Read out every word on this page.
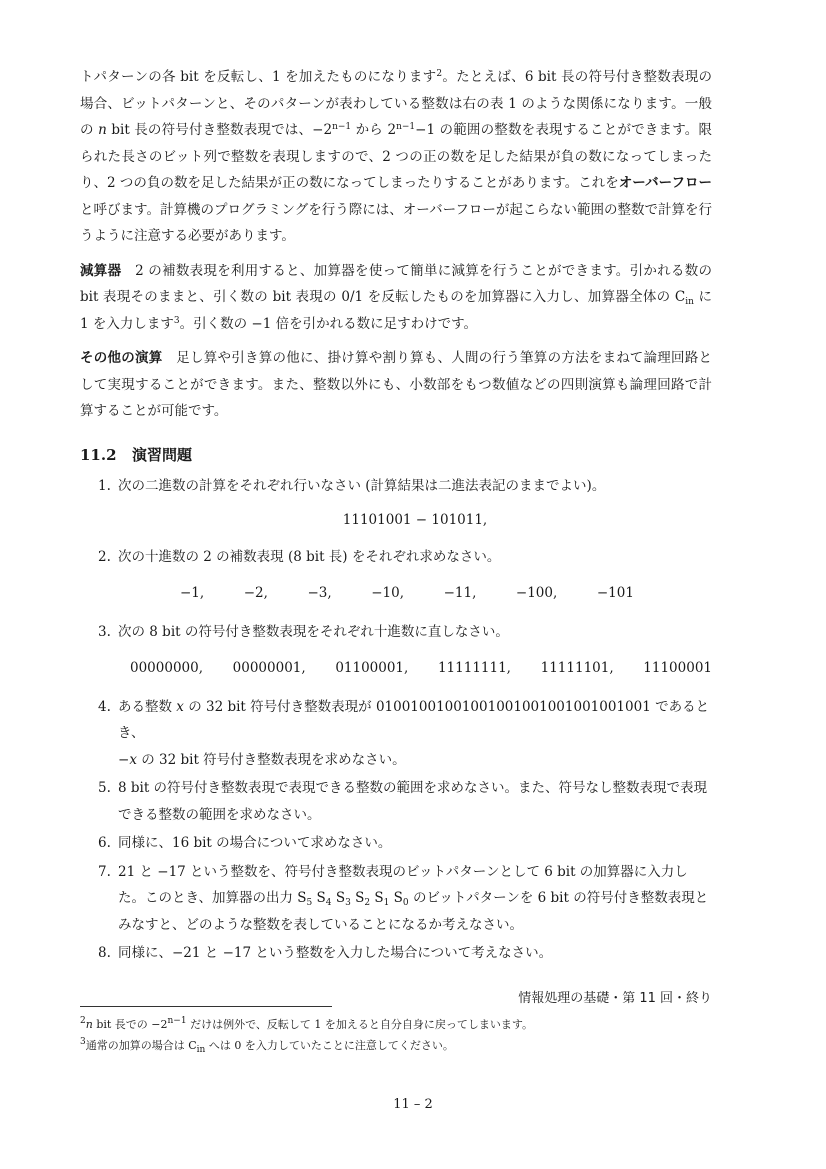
トパターンの各 bit を反転し、1 を加えたものになります$^2$。たとえば、6 bit 長の符号付き整数表現の場合、ビットパターンと、そのパターンが表わしている整数は右の表 1 のような関係になります。一般の n bit 長の符号付き整数表現では、$-2^{n-1}$ から $2^{n-1}-1$ の範囲の整数を表現することができます。限られた長さのビット列で整数を表現しますので、2 つの正の数を足した結果が負の数になってしまったり、2 つの負の数を足した結果が正の数になってしまったりすることがあります。これをオーバーフローと呼びます。計算機のプログラミングを行う際には、オーバーフローが起こらない範囲の整数で計算を行うように注意する必要があります。

減算器　2 の補数表現を利用すると、加算器を使って簡単に減算を行うことができます。引かれる数の bit 表現そのままと、引く数の bit 表現の 0/1 を反転したものを加算器に入力し、加算器全体の $C_{in}$ に 1 を入力します$^3$。引く数の −1 倍を引かれる数に足すわけです。

その他の演算　足し算や引き算の他に、掛け算や割り算も、人間の行う筆算の方法をまねて論理回路として実現することができます。また、整数以外にも、小数部をもつ数値などの四則演算も論理回路で計算することが可能です。

11.2 演習問題
1. 次の二進数の計算をそれぞれ行いなさい (計算結果は二進法表記のままでよい)。
11101001 − 101011,
2. 次の十進数の 2 の補数表現 (8 bit 長) をそれぞれ求めなさい。
−1,	−2,	−3,	−10,	−11,	−100,	−101
3. 次の 8 bit の符号付き整数表現をそれぞれ十進数に直しなさい。
00000000, 00000001, 01100001, 11111111, 11111101, 11100001
4. ある整数 x の 32 bit 符号付き整数表現が 01001001001001001001001001001001 であるとき、
−x の 32 bit 符号付き整数表現を求めなさい。
5. 8 bit の符号付き整数表現で表現できる整数の範囲を求めなさい。また、符号なし整数表現で表現できる整数の範囲を求めなさい。
6. 同様に、16 bit の場合について求めなさい。
7. 21 と −17 という整数を、符号付き整数表現のビットパターンとして 6 bit の加算器に入力した。このとき、加算器の出力 $S_5$ $S_4$ $S_3$ $S_2$ $S_1$ $S_0$ のビットパターンを 6 bit の符号付き整数表現とみなすと、どのような整数を表していることになるか考えなさい。
8. 同様に、−21 と −17 という整数を入力した場合について考えなさい。
情報処理の基礎・第 11 回・終り

$^2$n bit 長での $-2^{n-1}$ だけは例外で、反転して 1 を加えると自分自身に戻ってしまいます。

$^3$通常の加算の場合は $C_{in}$ へは 0 を入力していたことに注意してください。

11 – 2
